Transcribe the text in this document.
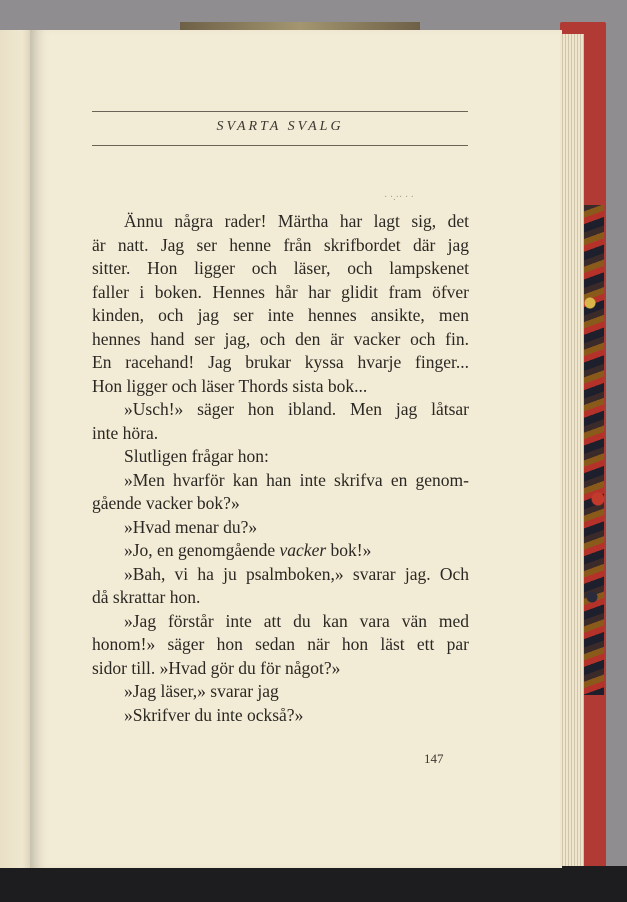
SVARTA SVALG
· ·.·· · ·
Ännu några rader! Märtha har lagt sig, det
är natt. Jag ser henne från skrifbordet där jag
sitter. Hon ligger och läser, och lampskenet
faller i boken. Hennes hår har glidit fram öfver
kinden, och jag ser inte hennes ansikte, men
hennes hand ser jag, och den är vacker och fin.
En racehand! Jag brukar kyssa hvarje finger...
Hon ligger och läser Thords sista bok...
»Usch!» säger hon ibland. Men jag låtsar
inte höra.
Slutligen frågar hon:
»Men hvarför kan han inte skrifva en genom-
gående vacker bok?»
»Hvad menar du?»
»Jo, en genomgående vacker bok!»
»Bah, vi ha ju psalmboken,» svarar jag. Och
då skrattar hon.
»Jag förstår inte att du kan vara vän med
honom!» säger hon sedan när hon läst ett par
sidor till. »Hvad gör du för något?»
»Jag läser,» svarar jag
»Skrifver du inte också?»
147
